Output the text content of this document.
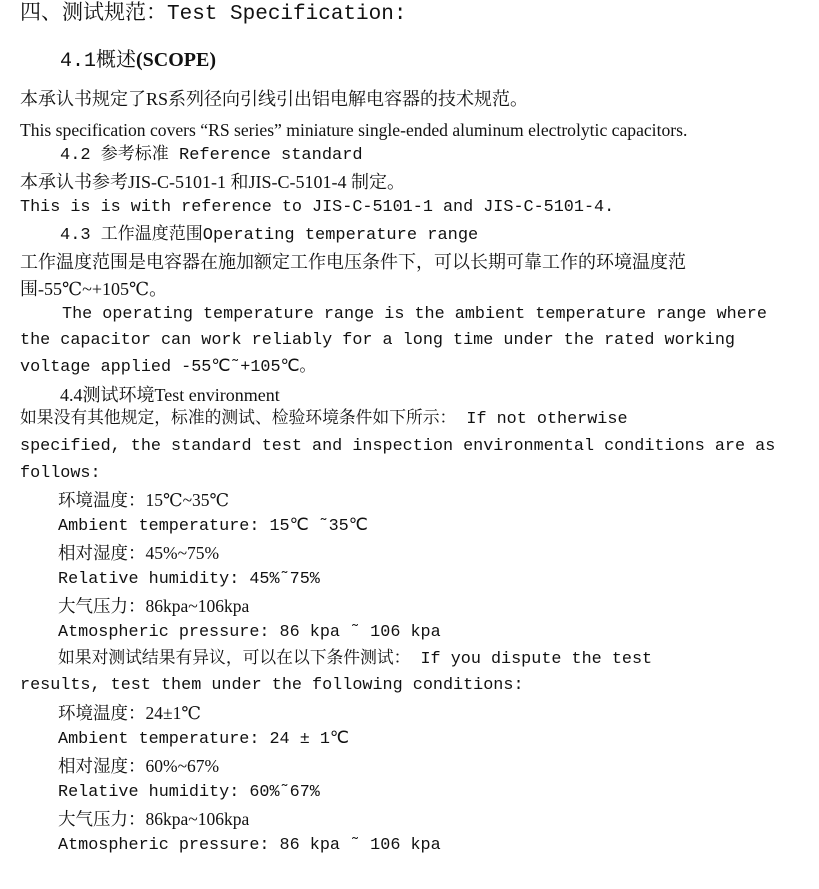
四、测试规范：Test Specification:
4.1概述(SCOPE)
本承认书规定了RS系列径向引线引出铝电解电容器的技术规范。
This specification covers “RS series” miniature single-ended aluminum electrolytic capacitors.
4.2 参考标准 Reference standard
本承认书参考JIS-C-5101-1 和JIS-C-5101-4 制定。
This is is with reference to JIS-C-5101-1 and JIS-C-5101-4.
4.3 工作温度范围Operating temperature range
工作温度范围是电容器在施加额定工作电压条件下，可以长期可靠工作的环境温度范
围-55℃~+105℃。
The operating temperature range is the ambient temperature range where
the capacitor can work reliably for a long time under the rated working
voltage applied -55℃˜+105℃。
4.4测试环境Test environment
如果没有其他规定，标准的测试、检验环境条件如下所示： If not otherwise
specified, the standard test and inspection environmental conditions are as
follows:
环境温度：15℃~35℃
Ambient temperature: 15℃ ˜35℃
相对湿度：45%~75%
Relative humidity: 45%˜75%
大气压力：86kpa~106kpa
Atmospheric pressure: 86 kpa ˜ 106 kpa
如果对测试结果有异议，可以在以下条件测试： If you dispute the test
results, test them under the following conditions:
环境温度：24±1℃
Ambient temperature: 24 ± 1℃
相对湿度：60%~67%
Relative humidity: 60%˜67%
大气压力：86kpa~106kpa
Atmospheric pressure: 86 kpa ˜ 106 kpa
